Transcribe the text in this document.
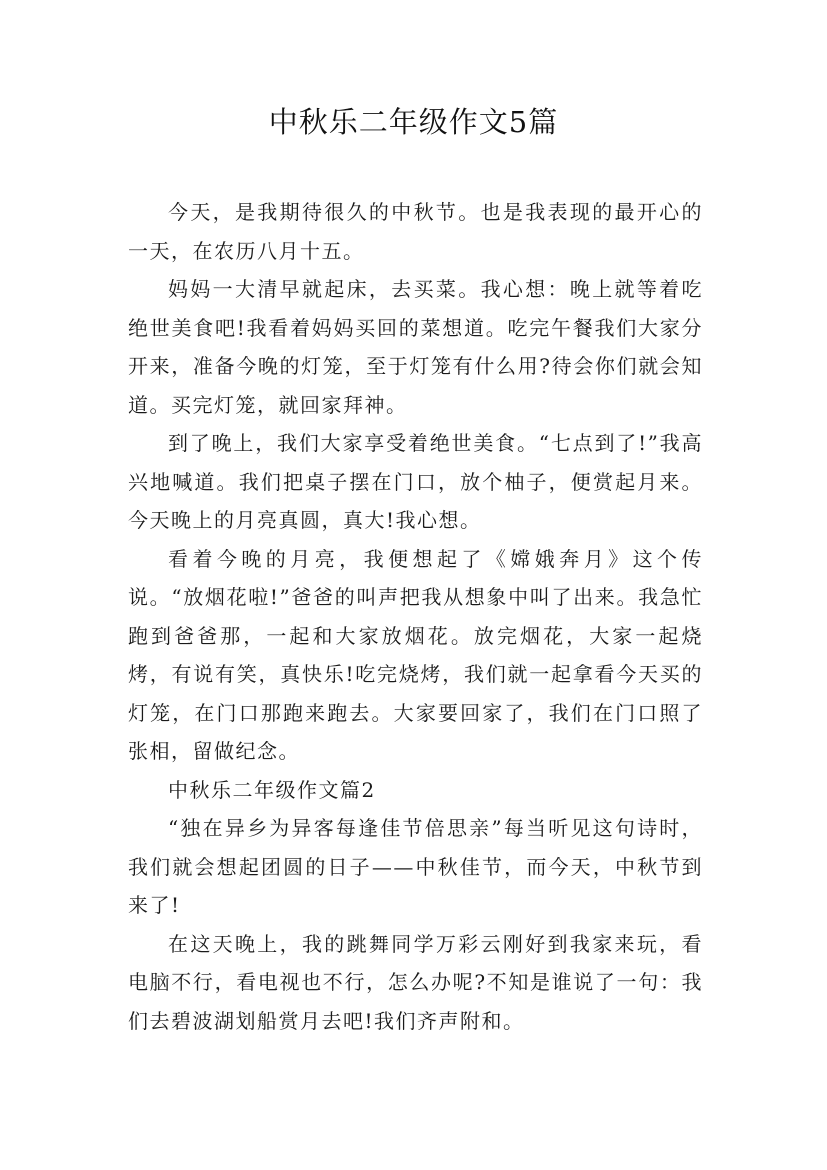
中秋乐二年级作文5篇

今天，是我期待很久的中秋节。也是我表现的最开心的一天，在农历八月十五。

妈妈一大清早就起床，去买菜。我心想：晚上就等着吃绝世美食吧!我看着妈妈买回的菜想道。吃完午餐我们大家分开来，准备今晚的灯笼，至于灯笼有什么用?待会你们就会知道。买完灯笼，就回家拜神。

到了晚上，我们大家享受着绝世美食。“七点到了!”我高兴地喊道。我们把桌子摆在门口，放个柚子，便赏起月来。今天晚上的月亮真圆，真大!我心想。

看着今晚的月亮，我便想起了《嫦娥奔月》这个传说。“放烟花啦!”爸爸的叫声把我从想象中叫了出来。我急忙跑到爸爸那，一起和大家放烟花。放完烟花，大家一起烧烤，有说有笑，真快乐!吃完烧烤，我们就一起拿看今天买的灯笼，在门口那跑来跑去。大家要回家了，我们在门口照了张相，留做纪念。

中秋乐二年级作文篇2

“独在异乡为异客每逢佳节倍思亲”每当听见这句诗时，我们就会想起团圆的日子——中秋佳节，而今天，中秋节到来了!

在这天晚上，我的跳舞同学万彩云刚好到我家来玩，看电脑不行，看电视也不行，怎么办呢?不知是谁说了一句：我们去碧波湖划船赏月去吧!我们齐声附和。
